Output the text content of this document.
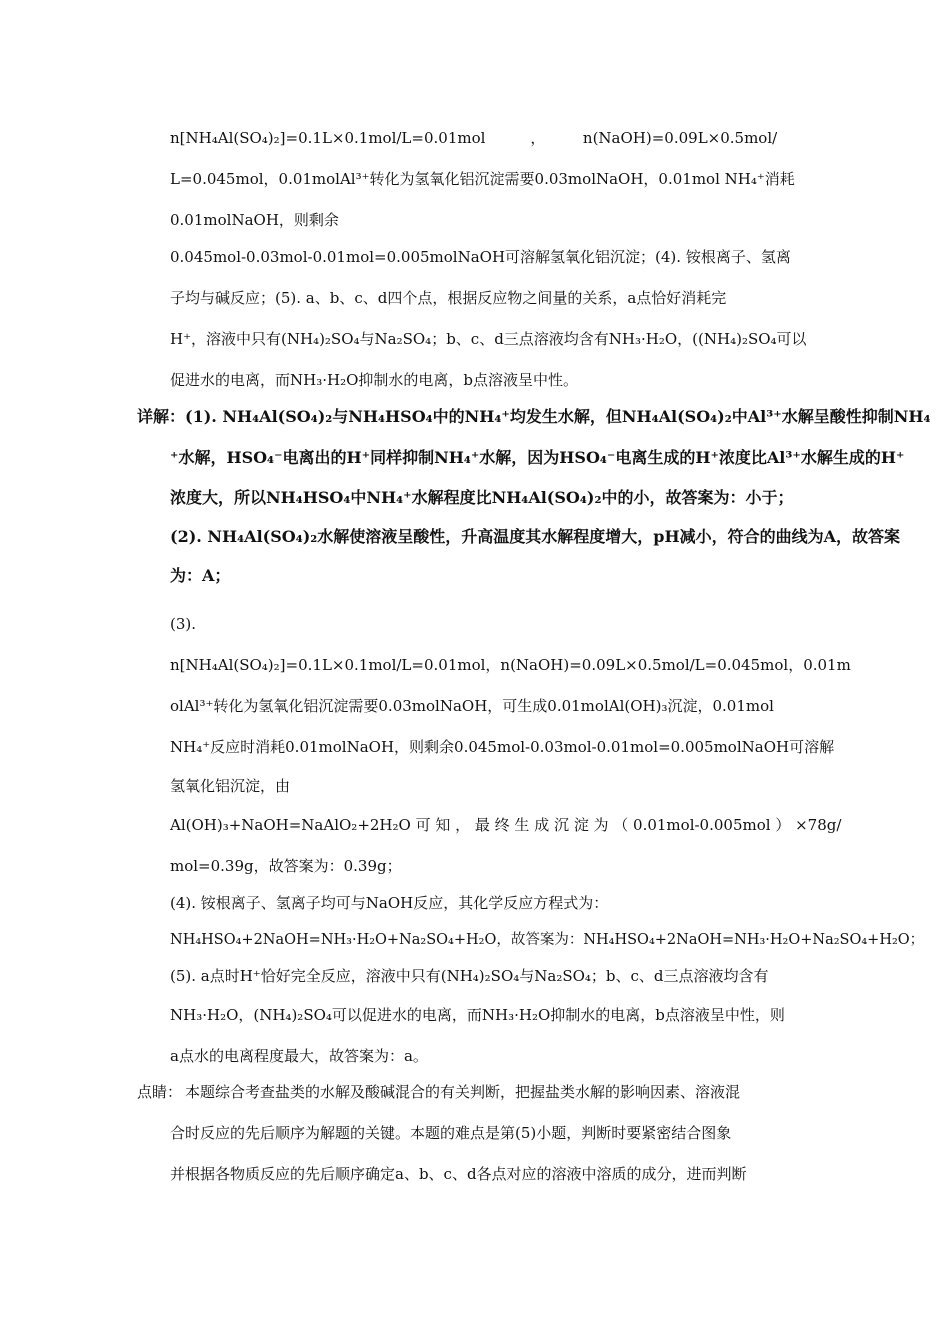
n[NH₄Al(SO₄)₂]=0.1L×0.1mol/L=0.01mol　　　，　　　n(NaOH)=0.09L×0.5mol/
L=0.045mol，0.01molAl³⁺转化为氢氧化铝沉淀需要0.03molNaOH，0.01mol NH₄⁺消耗
0.01molNaOH，则剩余
0.045mol-0.03mol-0.01mol=0.005molNaOH可溶解氢氧化铝沉淀；(4). 铵根离子、氢离
子均与碱反应；(5). a、b、c、d四个点，根据反应物之间量的关系，a点恰好消耗完
H⁺，溶液中只有(NH₄)₂SO₄与Na₂SO₄；b、c、d三点溶液均含有NH₃·H₂O，((NH₄)₂SO₄可以
促进水的电离，而NH₃·H₂O抑制水的电离，b点溶液呈中性。
详解： (1). NH₄Al(SO₄)₂与NH₄HSO₄中的NH₄⁺均发生水解，但NH₄Al(SO₄)₂中Al³⁺水解呈酸性抑制NH₄
⁺水解，HSO₄⁻电离出的H⁺同样抑制NH₄⁺水解，因为HSO₄⁻电离生成的H⁺浓度比Al³⁺水解生成的H⁺
浓度大，所以NH₄HSO₄中NH₄⁺水解程度比NH₄Al(SO₄)₂中的小，故答案为：小于；
(2). NH₄Al(SO₄)₂水解使溶液呈酸性，升高温度其水解程度增大，pH减小，符合的曲线为A，故答案
为：A；
(3).
n[NH₄Al(SO₄)₂]=0.1L×0.1mol/L=0.01mol，n(NaOH)=0.09L×0.5mol/L=0.045mol，0.01m
olAl³⁺转化为氢氧化铝沉淀需要0.03molNaOH，可生成0.01molAl(OH)₃沉淀，0.01mol
NH₄⁺反应时消耗0.01molNaOH，则剩余0.045mol-0.03mol-0.01mol=0.005molNaOH可溶解
氢氧化铝沉淀，由
Al(OH)₃+NaOH=NaAlO₂+2H₂O 可 知 ， 最 终 生 成 沉 淀 为 （ 0.01mol-0.005mol ） ×78g/
mol=0.39g，故答案为：0.39g；
(4). 铵根离子、氢离子均可与NaOH反应，其化学反应方程式为：
NH₄HSO₄+2NaOH=NH₃·H₂O+Na₂SO₄+H₂O，故答案为：NH₄HSO₄+2NaOH=NH₃·H₂O+Na₂SO₄+H₂O；
(5). a点时H⁺恰好完全反应，溶液中只有(NH₄)₂SO₄与Na₂SO₄；b、c、d三点溶液均含有
NH₃·H₂O，(NH₄)₂SO₄可以促进水的电离，而NH₃·H₂O抑制水的电离，b点溶液呈中性，则
a点水的电离程度最大，故答案为：a。
点睛： 本题综合考查盐类的水解及酸碱混合的有关判断，把握盐类水解的影响因素、溶液混
合时反应的先后顺序为解题的关键。本题的难点是第(5)小题，判断时要紧密结合图象
并根据各物质反应的先后顺序确定a、b、c、d各点对应的溶液中溶质的成分，进而判断
